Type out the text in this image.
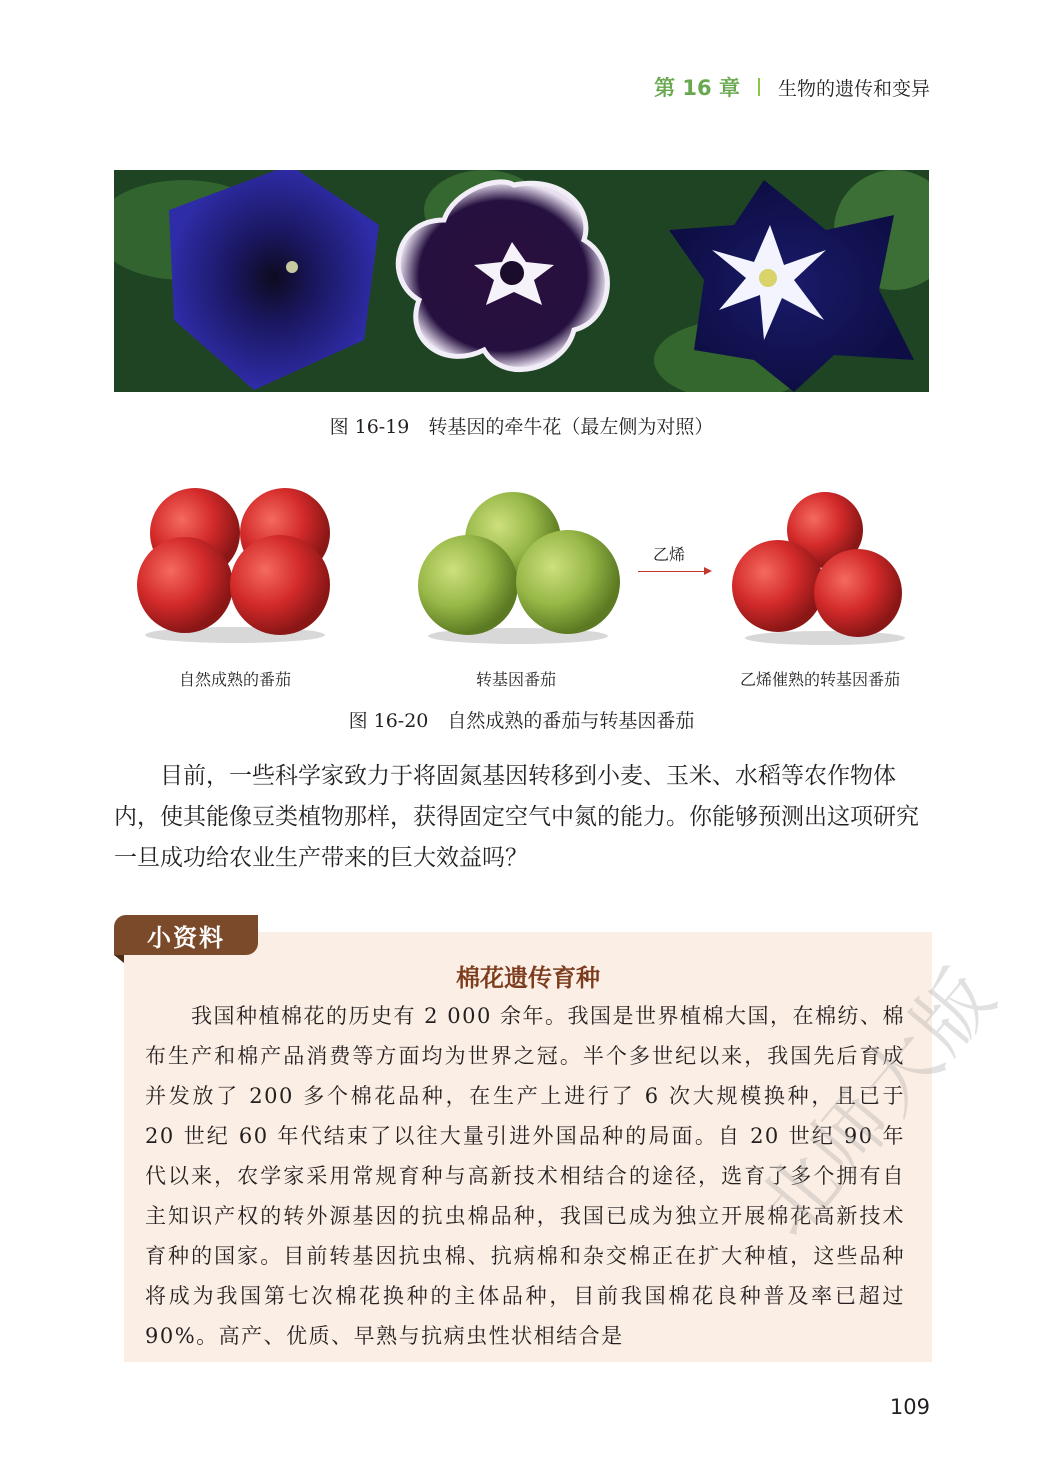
第 16 章 生物的遗传和变异
图 16-19　转基因的牵牛花（最左侧为对照）
乙烯
自然成熟的番茄	转基因番茄	乙烯催熟的转基因番茄
图 16-20　自然成熟的番茄与转基因番茄
目前，一些科学家致力于将固氮基因转移到小麦、玉米、水稻等农作物体内，使其能像豆类植物那样，获得固定空气中氮的能力。你能够预测出这项研究一旦成功给农业生产带来的巨大效益吗？
小资料
棉花遗传育种
我国种植棉花的历史有 2 000 余年。我国是世界植棉大国，在棉纺、棉布生产和棉产品消费等方面均为世界之冠。半个多世纪以来，我国先后育成并发放了 200 多个棉花品种，在生产上进行了 6 次大规模换种，且已于 20 世纪 60 年代结束了以往大量引进外国品种的局面。自 20 世纪 90 年代以来，农学家采用常规育种与高新技术相结合的途径，选育了多个拥有自主知识产权的转外源基因的抗虫棉品种，我国已成为独立开展棉花高新技术育种的国家。目前转基因抗虫棉、抗病棉和杂交棉正在扩大种植，这些品种将成为我国第七次棉花换种的主体品种，目前我国棉花良种普及率已超过 90%。高产、优质、早熟与抗病虫性状相结合是
北师大版
109
